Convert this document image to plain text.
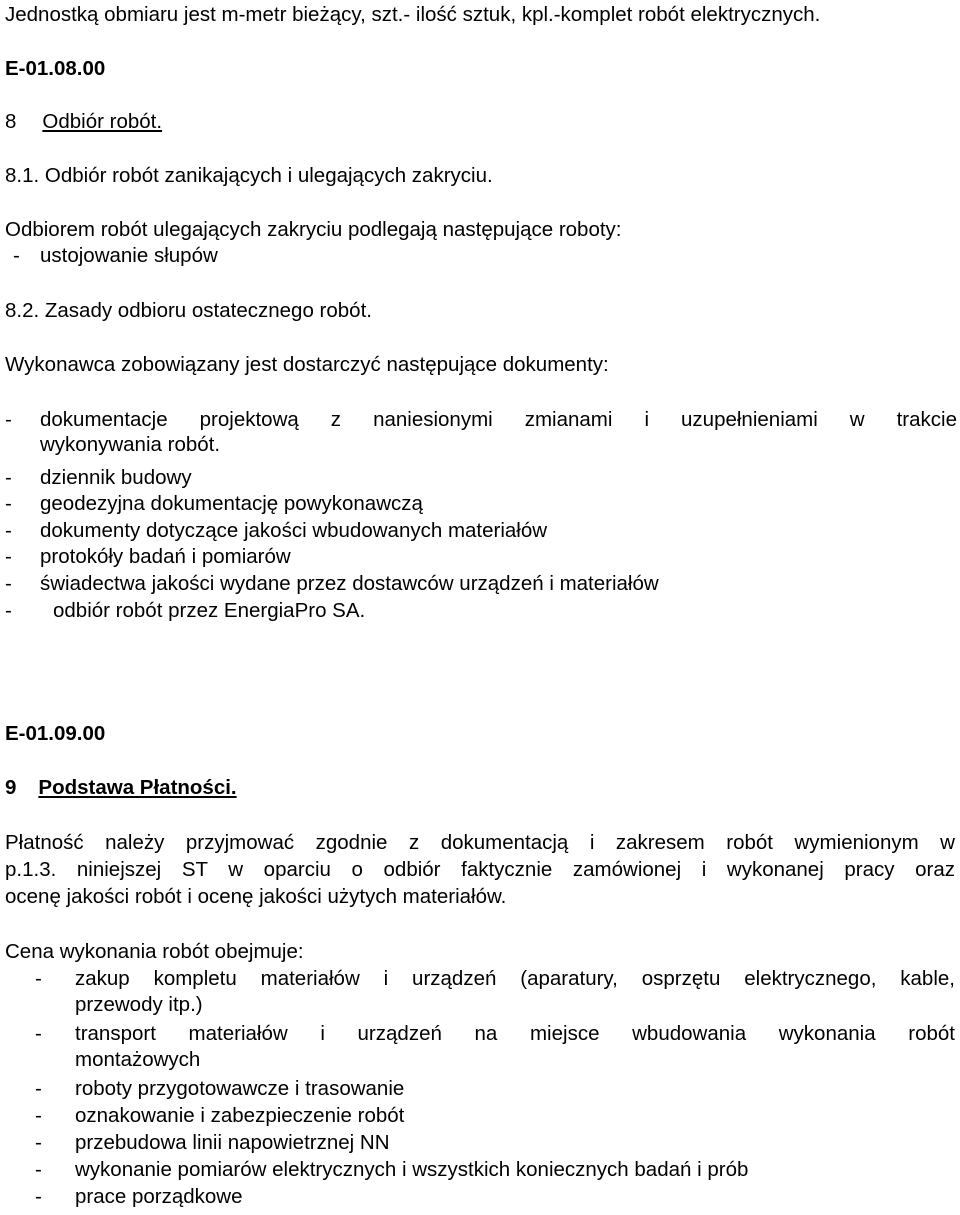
Jednostką obmiaru jest m-metr bieżący, szt.- ilość sztuk, kpl.-komplet robót elektrycznych.
E-01.08.00
8 Odbiór robót.
8.1. Odbiór robót zanikających i ulegających zakryciu.
Odbiorem robót ulegających zakryciu podlegają następujące roboty:
- ustojowanie słupów
8.2. Zasady odbioru ostatecznego robót.
Wykonawca zobowiązany jest dostarczyć następujące dokumenty:
- dokumentacje projektową z naniesionymi zmianami i uzupełnieniami w trakcie
wykonywania robót.
- dziennik budowy
- geodezyjna dokumentację powykonawczą
- dokumenty dotyczące jakości wbudowanych materiałów
- protokóły badań i pomiarów
- świadectwa jakości wydane przez dostawców urządzeń i materiałów
- odbiór robót przez EnergiaPro SA.
E-01.09.00
9 Podstawa Płatności.
Płatność należy przyjmować zgodnie z dokumentacją i zakresem robót wymienionym w
p.1.3. niniejszej ST w oparciu o odbiór faktycznie zamówionej i wykonanej pracy oraz
ocenę jakości robót i ocenę jakości użytych materiałów.
Cena wykonania robót obejmuje:
- zakup kompletu materiałów i urządzeń (aparatury, osprzętu elektrycznego, kable,
przewody itp.)
- transport materiałów i urządzeń na miejsce wbudowania wykonania robót
montażowych
- roboty przygotowawcze i trasowanie
- oznakowanie i zabezpieczenie robót
- przebudowa linii napowietrznej NN
- wykonanie pomiarów elektrycznych i wszystkich koniecznych badań i prób
- prace porządkowe
